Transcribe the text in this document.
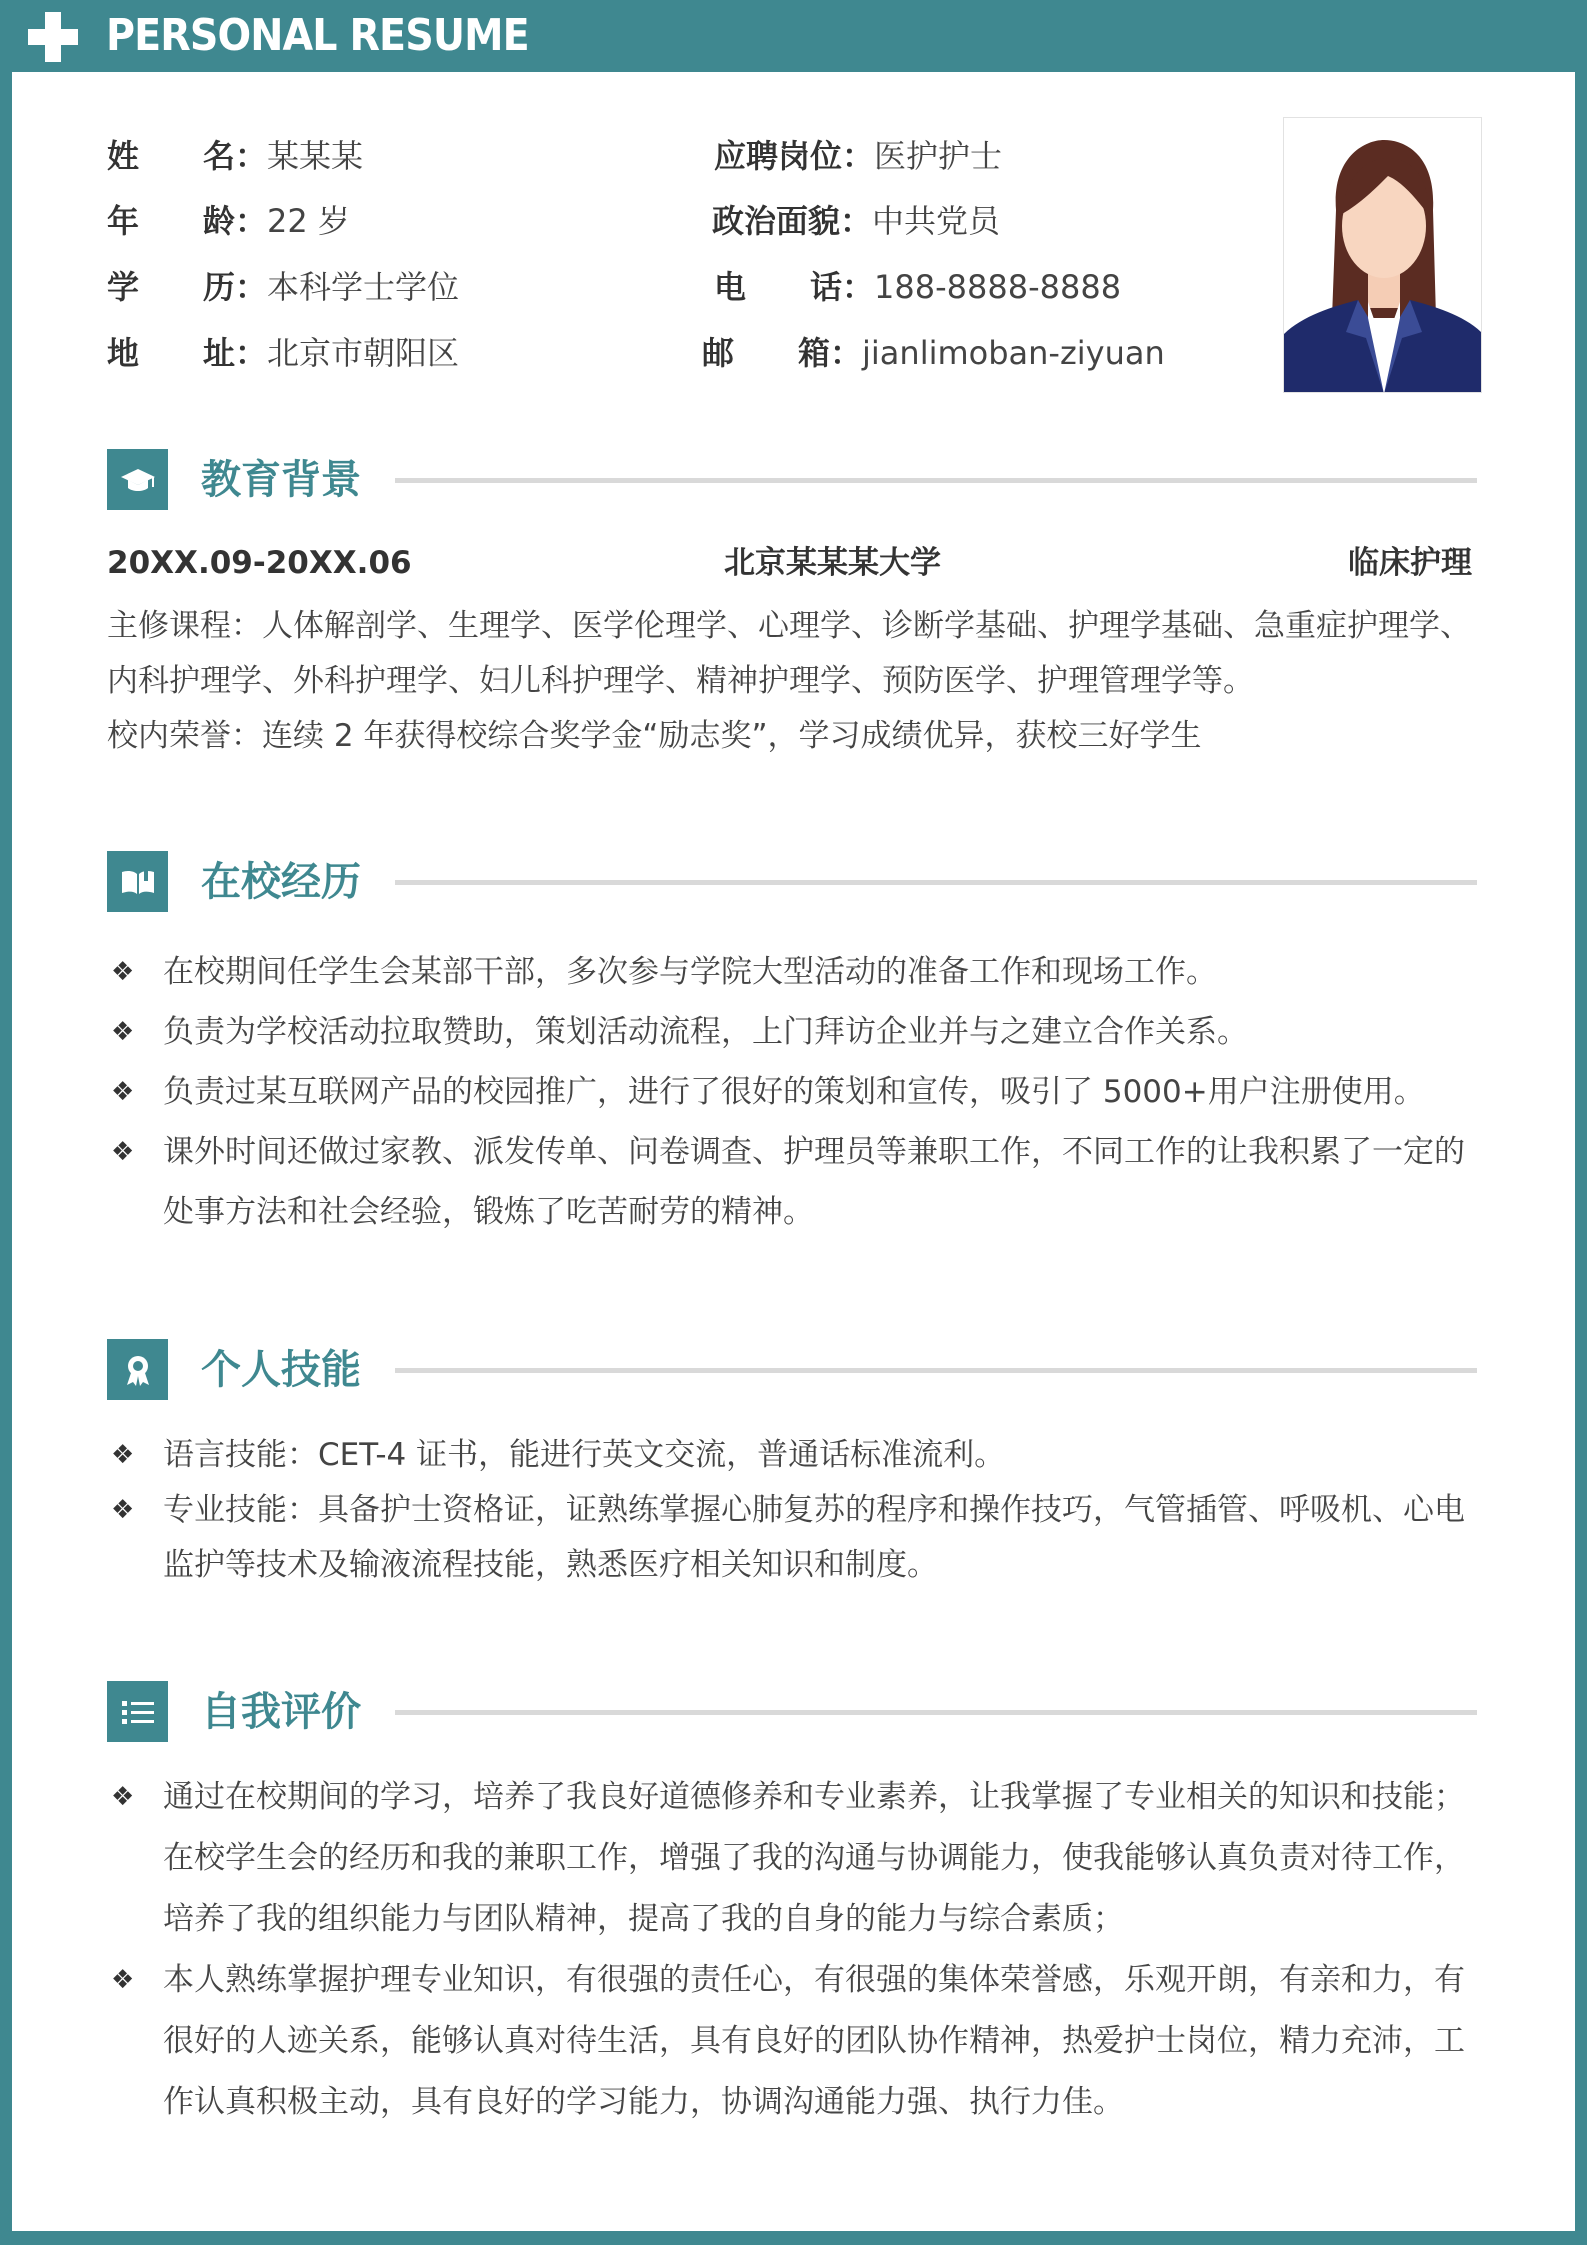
PERSONAL RESUME
姓　　名：某某某
年　　龄：22 岁
学　　历：本科学士学位
地　　址：北京市朝阳区
应聘岗位：医护护士
政治面貌：中共党员
电　　话：188-8888-8888
邮　　箱：jianlimoban-ziyuan
教育背景
20XX.09-20XX.06	北京某某某大学	临床护理
主修课程：人体解剖学、生理学、医学伦理学、心理学、诊断学基础、护理学基础、急重症护理学、内科护理学、外科护理学、妇儿科护理学、精神护理学、预防医学、护理管理学等。
校内荣誉：连续 2 年获得校综合奖学金“励志奖”，学习成绩优异，获校三好学生
在校经历
❖ 在校期间任学生会某部干部，多次参与学院大型活动的准备工作和现场工作。
❖ 负责为学校活动拉取赞助，策划活动流程，上门拜访企业并与之建立合作关系。
❖ 负责过某互联网产品的校园推广，进行了很好的策划和宣传，吸引了 5000+用户注册使用。
❖ 课外时间还做过家教、派发传单、问卷调查、护理员等兼职工作，不同工作的让我积累了一定的处事方法和社会经验，锻炼了吃苦耐劳的精神。
个人技能
❖ 语言技能：CET-4 证书，能进行英文交流，普通话标准流利。
❖ 专业技能：具备护士资格证，证熟练掌握心肺复苏的程序和操作技巧，气管插管、呼吸机、心电监护等技术及输液流程技能，熟悉医疗相关知识和制度。
自我评价
❖ 通过在校期间的学习，培养了我良好道德修养和专业素养，让我掌握了专业相关的知识和技能；在校学生会的经历和我的兼职工作，增强了我的沟通与协调能力，使我能够认真负责对待工作，培养了我的组织能力与团队精神，提高了我的自身的能力与综合素质；
❖ 本人熟练掌握护理专业知识，有很强的责任心，有很强的集体荣誉感，乐观开朗，有亲和力，有很好的人迹关系，能够认真对待生活，具有良好的团队协作精神，热爱护士岗位，精力充沛，工作认真积极主动，具有良好的学习能力，协调沟通能力强、执行力佳。
